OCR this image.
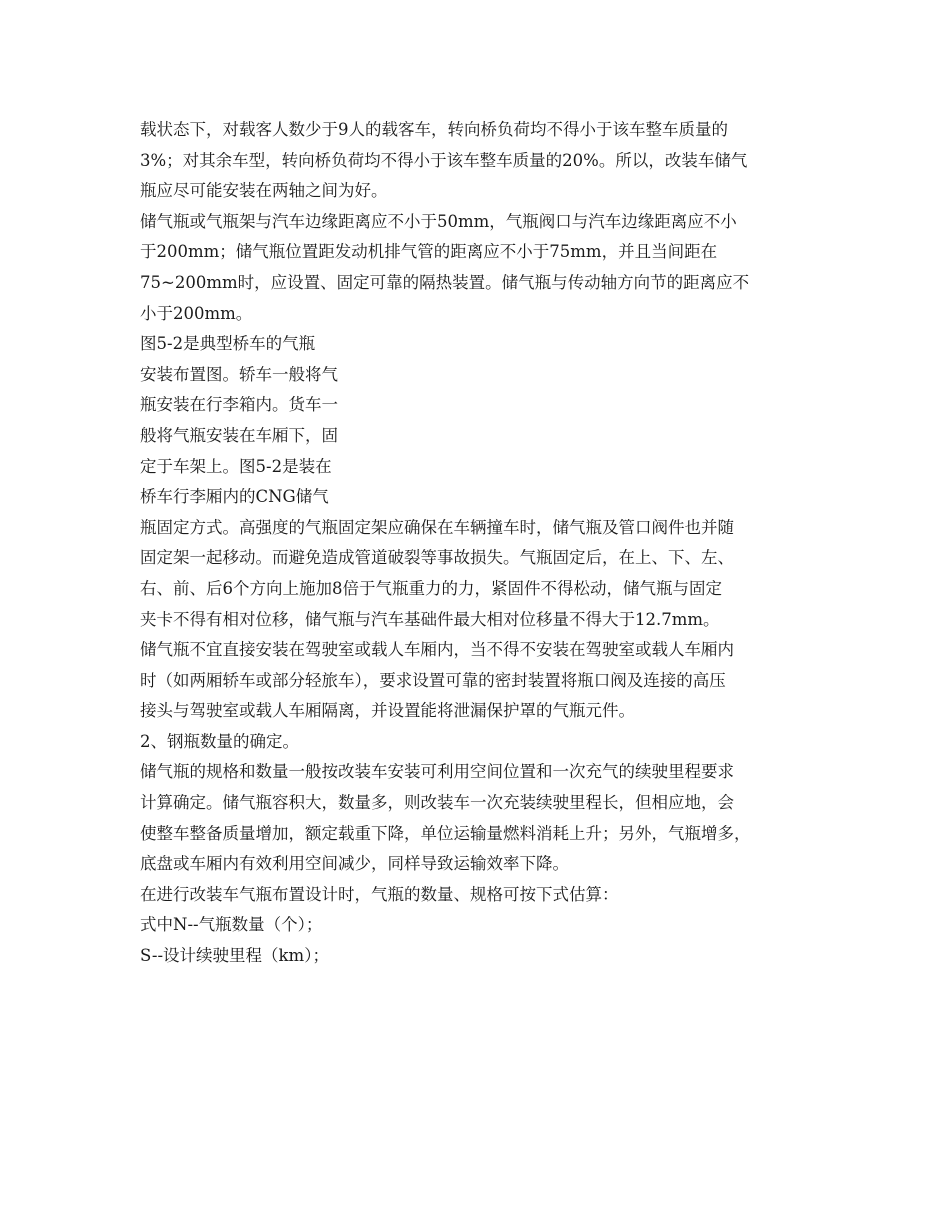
载状态下，对载客人数少于9人的载客车，转向桥负荷均不得小于该车整车质量的
3%；对其余车型，转向桥负荷均不得小于该车整车质量的20%。所以，改装车储气
瓶应尽可能安装在两轴之间为好。
储气瓶或气瓶架与汽车边缘距离应不小于50mm，气瓶阀口与汽车边缘距离应不小
于200mm；储气瓶位置距发动机排气管的距离应不小于75mm，并且当间距在
75~200mm时，应设置、固定可靠的隔热装置。储气瓶与传动轴方向节的距离应不
小于200mm。
图5-2是典型桥车的气瓶
安装布置图。轿车一般将气
瓶安装在行李箱内。货车一
般将气瓶安装在车厢下，固
定于车架上。图5-2是装在
桥车行李厢内的CNG储气
瓶固定方式。高强度的气瓶固定架应确保在车辆撞车时，储气瓶及管口阀件也并随
固定架一起移动。而避免造成管道破裂等事故损失。气瓶固定后，在上、下、左、
右、前、后6个方向上施加8倍于气瓶重力的力，紧固件不得松动，储气瓶与固定
夹卡不得有相对位移，储气瓶与汽车基础件最大相对位移量不得大于12.7mm。
储气瓶不宜直接安装在驾驶室或载人车厢内，当不得不安装在驾驶室或载人车厢内
时（如两厢轿车或部分轻旅车），要求设置可靠的密封装置将瓶口阀及连接的高压
接头与驾驶室或载人车厢隔离，并设置能将泄漏保护罩的气瓶元件。
2、钢瓶数量的确定。
储气瓶的规格和数量一般按改装车安装可利用空间位置和一次充气的续驶里程要求
计算确定。储气瓶容积大，数量多，则改装车一次充装续驶里程长，但相应地，会
使整车整备质量增加，额定载重下降，单位运输量燃料消耗上升；另外，气瓶增多，
底盘或车厢内有效利用空间减少，同样导致运输效率下降。
在进行改装车气瓶布置设计时，气瓶的数量、规格可按下式估算：
式中N--气瓶数量（个）；
S--设计续驶里程（km）；
